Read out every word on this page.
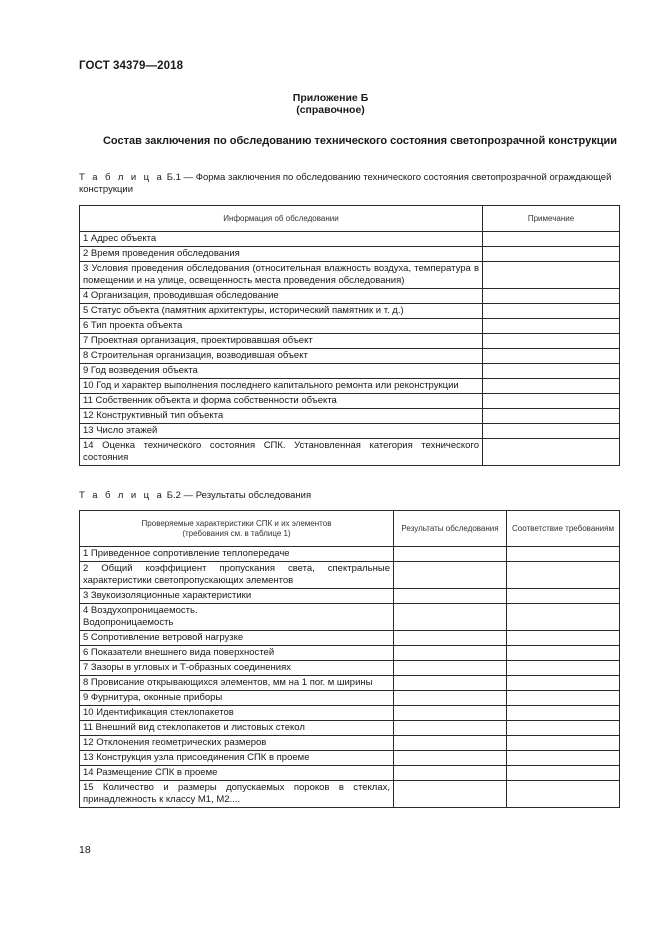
ГОСТ 34379—2018
Приложение Б
(справочное)
Состав заключения по обследованию технического состояния светопрозрачной конструкции
Т а б л и ц а Б.1 — Форма заключения по обследованию технического состояния светопрозрачной ограждающей конструкции
Информация об обследовании	Примечание
1 Адрес объекта	
2 Время проведения обследования	
3 Условия проведения обследования (относительная влажность воздуха, температура в помещении и на улице, освещенность места проведения обследования)	
4 Организация, проводившая обследование	
5 Статус объекта (памятник архитектуры, исторический памятник и т. д.)	
6 Тип проекта объекта	
7 Проектная организация, проектировавшая объект	
8 Строительная организация, возводившая объект	
9 Год возведения объекта	
10 Год и характер выполнения последнего капитального ремонта или реконструкции	
11 Собственник объекта и форма собственности объекта	
12 Конструктивный тип объекта	
13 Число этажей	
14 Оценка технического состояния СПК. Установленная категория технического состояния	
Т а б л и ц а Б.2 — Результаты обследования
Проверяемые характеристики СПК и их элементов (требования см. в таблице 1)	Результаты обследования	Соответствие требованиям
1 Приведенное сопротивление теплопередаче		
2 Общий коэффициент пропускания света, спектральные характеристики светопропускающих элементов		
3 Звукоизоляционные характеристики		
4 Воздухопроницаемость. Водопроницаемость		
5 Сопротивление ветровой нагрузке		
6 Показатели внешнего вида поверхностей		
7 Зазоры в угловых и Т-образных соединениях		
8 Провисание открывающихся элементов, мм на 1 пог. м ширины		
9 Фурнитура, оконные приборы		
10 Идентификация стеклопакетов		
11 Внешний вид стеклопакетов и листовых стекол		
12 Отклонения геометрических размеров		
13 Конструкция узла присоединения СПК в проеме		
14 Размещение СПК в проеме		
15 Количество и размеры допускаемых пороков в стеклах, принадлежность к классу М1, М2....		
18
